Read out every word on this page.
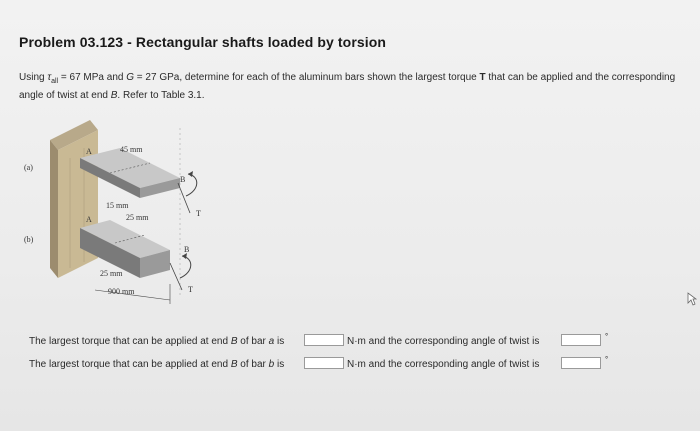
Problem 03.123 - Rectangular shafts loaded by torsion
Using $\tau_{all} = 67$ MPa and G = 27 GPa, determine for each of the aluminum bars shown the largest torque T that can be applied and the corresponding angle of twist at end B. Refer to Table 3.1.
(a)
(b)
A
A
B
B
T
T
45 mm
15 mm
25 mm
25 mm
900 mm
The largest torque that can be applied at end B of bar a is	N·m and the corresponding angle of twist is	°
The largest torque that can be applied at end B of bar b is	N·m and the corresponding angle of twist is	°
